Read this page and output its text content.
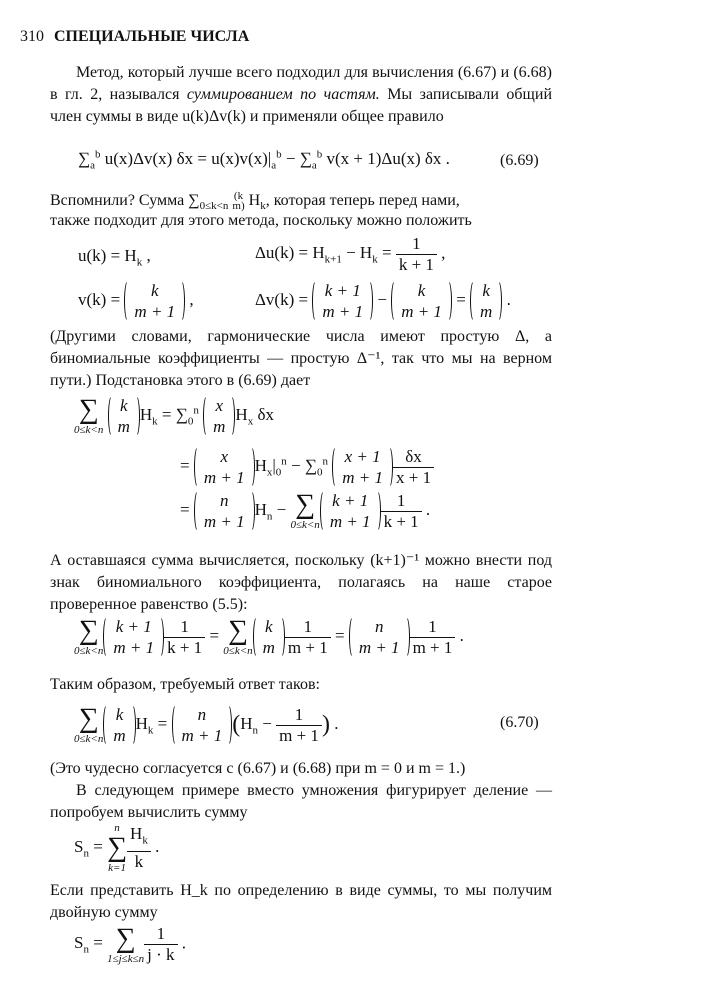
310 СПЕЦИАЛЬНЫЕ ЧИСЛА

Метод, который лучше всего подходил для вычисления (6.67) и (6.68) в гл. 2, назывался суммированием по частям. Мы записывали общий член суммы в виде u(k)Δv(k) и применяли общее правило

$\sum_a^b$ u(x)Δv(x) $\delta x = u(x)v(x)|_a^b - \sum_a^b$ v(x + 1)Δu(x) δx .	(6.69)
Вспомнили? Сумма $\sum_{0\le k<n}$ (k
m) $H_k$, которая теперь перед нами,
также подходит для этого метода, поскольку можно положить
$u(k) = H_k$ ,	$\Delta u(k) = H_{k+1} - H_k = \frac{1}{k + 1}$ ,
v(k) =	k
m + 1
,	Δv(k) = k + 1
m + 1
−	k
m + 1
= k
m
.

(Другими словами, гармонические числа имеют простую Δ, а биномиальные коэффициенты — простую Δ⁻¹, так что мы на верном пути.) Подстановка этого в (6.69) дает

∑
0≤k<n

k
m
$H_k = \sum_0^n$ x
m
$H_x$ δx
=	x
m + 1
$H_x|_0^n - \sum_0^n$ x + 1
$m + 1 \frac{\delta x}{x + 1}$
=	n
m + 1
$H_n$ − ∑
0≤k<n
k + 1
$m + 1 \frac{1}{k + 1}$ .

А оставшаяся сумма вычисляется, поскольку (k+1)⁻¹ можно внести под знак биномиального коэффициента, полагаясь на наше старое проверенное равенство (5.5):

∑
0≤k<n
k + 1
$m + 1 \frac{1}{k + 1}$ = ∑
0≤k<n
k
m $\frac{1}{m + 1}$ =	n
$m + 1 \frac{1}{m + 1}$ .
Таким образом, требуемый ответ таков:
∑
0≤k<n
k
m
$H_k$ =	n
m + 1 ($H_n - \frac{1}{m + 1}$ ) .	(6.70)
(Это чудесно согласуется с (6.67) и (6.68) при m = 0 и m = 1.)

В следующем примере вместо умножения фигурирует деление — попробуем вычислить сумму

$S_n$ =
n
∑
$k=1 \frac{H_k}{k}$ .

Если представить H_k по определению в виде суммы, то мы получим двойную сумму

$S_n$ = ∑
$1\le j\le k\le n \frac{1}{j \cdot k}$ .
